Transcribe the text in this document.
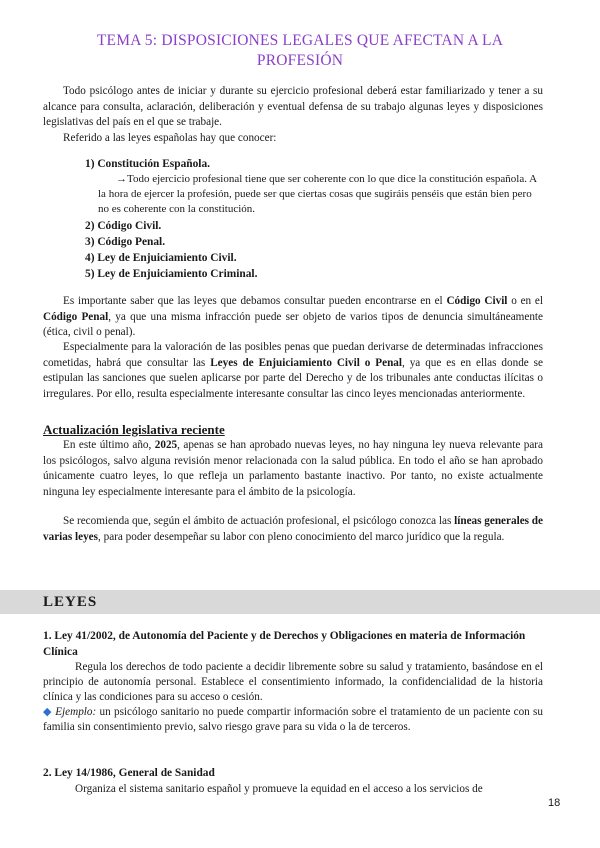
TEMA 5: DISPOSICIONES LEGALES QUE AFECTAN A LA
PROFESIÓN

Todo psicólogo antes de iniciar y durante su ejercicio profesional deberá estar familiarizado y tener a su alcance para consulta, aclaración, deliberación y eventual defensa de su trabajo algunas leyes y disposiciones legislativas del país en el que se trabaje.

Referido a las leyes españolas hay que conocer:

1) Constitución Española.

→Todo ejercicio profesional tiene que ser coherente con lo que dice la constitución española. A la hora de ejercer la profesión, puede ser que ciertas cosas que sugiráis penséis que están bien pero no es coherente con la constitución.

2) Código Civil.
3) Código Penal.
4) Ley de Enjuiciamiento Civil.
5) Ley de Enjuiciamiento Criminal.

Es importante saber que las leyes que debamos consultar pueden encontrarse en el Código Civil o en el Código Penal, ya que una misma infracción puede ser objeto de varios tipos de denuncia simultáneamente (ética, civil o penal).

Especialmente para la valoración de las posibles penas que puedan derivarse de determinadas infracciones cometidas, habrá que consultar las Leyes de Enjuiciamiento Civil o Penal, ya que es en ellas donde se estipulan las sanciones que suelen aplicarse por parte del Derecho y de los tribunales ante conductas ilícitas o irregulares. Por ello, resulta especialmente interesante consultar las cinco leyes mencionadas anteriormente.

Actualización legislativa reciente

En este último año, 2025, apenas se han aprobado nuevas leyes, no hay ninguna ley nueva relevante para los psicólogos, salvo alguna revisión menor relacionada con la salud pública. En todo el año se han aprobado únicamente cuatro leyes, lo que refleja un parlamento bastante inactivo. Por tanto, no existe actualmente ninguna ley especialmente interesante para el ámbito de la psicología.

Se recomienda que, según el ámbito de actuación profesional, el psicólogo conozca las líneas generales de varias leyes, para poder desempeñar su labor con pleno conocimiento del marco jurídico que la regula.

LEYES

1. Ley 41/2002, de Autonomía del Paciente y de Derechos y Obligaciones en materia de Información Clínica

Regula los derechos de todo paciente a decidir libremente sobre su salud y tratamiento, basándose en el principio de autonomía personal. Establece el consentimiento informado, la confidencialidad de la historia clínica y las condiciones para su acceso o cesión.

◆ Ejemplo: un psicólogo sanitario no puede compartir información sobre el tratamiento de un paciente con su familia sin consentimiento previo, salvo riesgo grave para su vida o la de terceros.

2. Ley 14/1986, General de Sanidad

Organiza el sistema sanitario español y promueve la equidad en el acceso a los servicios de

18
